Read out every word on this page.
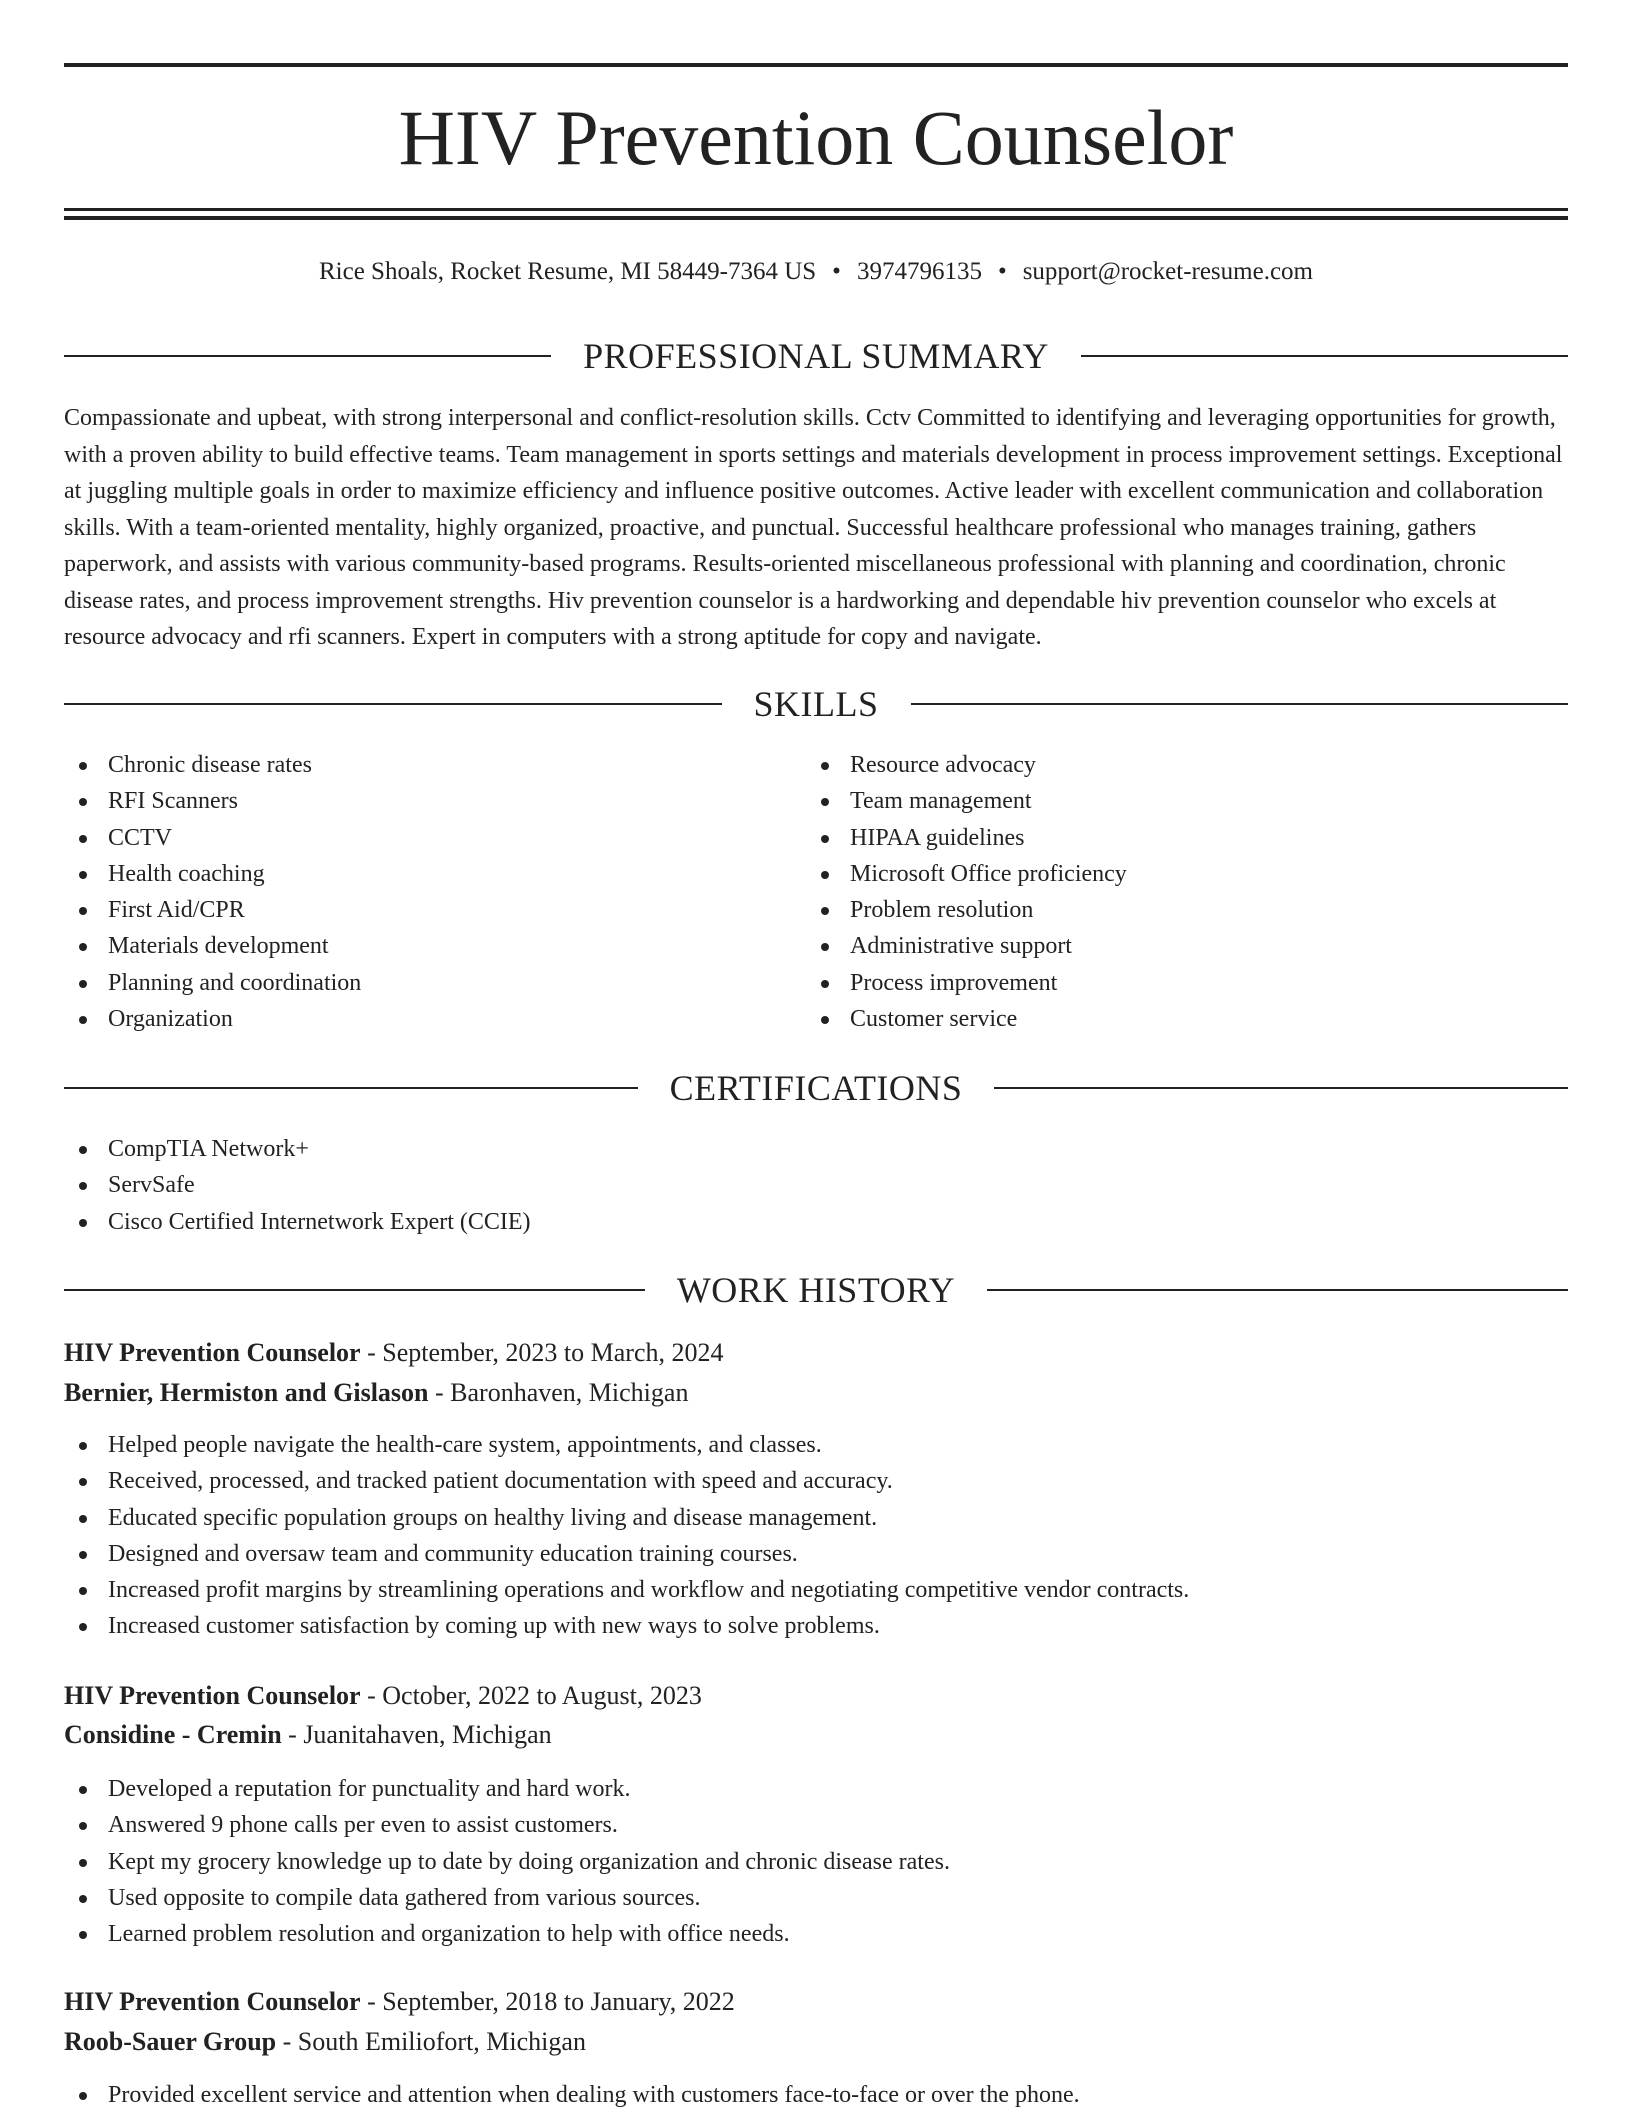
HIV Prevention Counselor
Rice Shoals, Rocket Resume, MI 58449-7364 US • 3974796135 • support@rocket-resume.com
PROFESSIONAL SUMMARY

Compassionate and upbeat, with strong interpersonal and conflict-resolution skills. Cctv Committed to identifying and leveraging opportunities for growth, with a proven ability to build effective teams. Team management in sports settings and materials development in process improvement settings. Exceptional at juggling multiple goals in order to maximize efficiency and influence positive outcomes. Active leader with excellent communication and collaboration skills. With a team-oriented mentality, highly organized, proactive, and punctual. Successful healthcare professional who manages training, gathers paperwork, and assists with various community-based programs. Results-oriented miscellaneous professional with planning and coordination, chronic disease rates, and process improvement strengths. Hiv prevention counselor is a hardworking and dependable hiv prevention counselor who excels at resource advocacy and rfi scanners. Expert in computers with a strong aptitude for copy and navigate.

SKILLS
Chronic disease rates
RFI Scanners
CCTV
Health coaching
First Aid/CPR
Materials development
Planning and coordination
Organization
Resource advocacy
Team management
HIPAA guidelines
Microsoft Office proficiency
Problem resolution
Administrative support
Process improvement
Customer service
CERTIFICATIONS
CompTIA Network+
ServSafe
Cisco Certified Internetwork Expert (CCIE)
WORK HISTORY
HIV Prevention Counselor - September, 2023 to March, 2024
Bernier, Hermiston and Gislason - Baronhaven, Michigan
Helped people navigate the health-care system, appointments, and classes.
Received, processed, and tracked patient documentation with speed and accuracy.
Educated specific population groups on healthy living and disease management.
Designed and oversaw team and community education training courses.
Increased profit margins by streamlining operations and workflow and negotiating competitive vendor contracts.
Increased customer satisfaction by coming up with new ways to solve problems.
HIV Prevention Counselor - October, 2022 to August, 2023
Considine - Cremin - Juanitahaven, Michigan
Developed a reputation for punctuality and hard work.
Answered 9 phone calls per even to assist customers.
Kept my grocery knowledge up to date by doing organization and chronic disease rates.
Used opposite to compile data gathered from various sources.
Learned problem resolution and organization to help with office needs.
HIV Prevention Counselor - September, 2018 to January, 2022
Roob-Sauer Group - South Emiliofort, Michigan
Provided excellent service and attention when dealing with customers face-to-face or over the phone.
